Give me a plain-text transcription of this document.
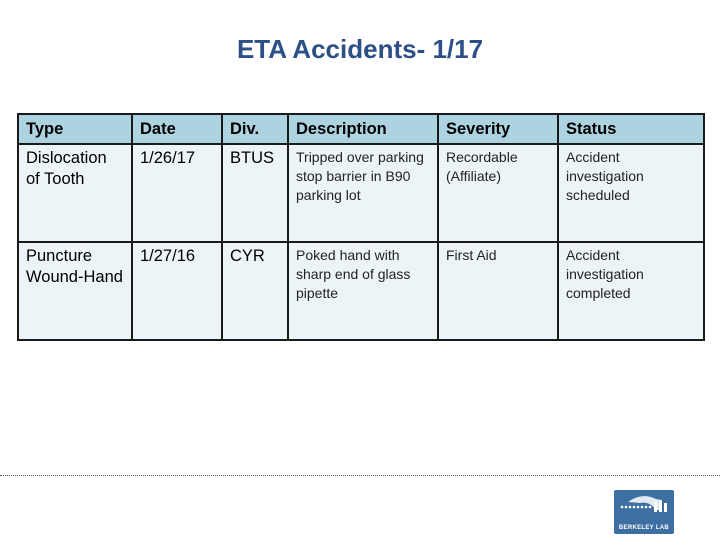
ETA Accidents- 1/17
Type	Date	Div.	Description	Severity	Status
Dislocation of Tooth	1/26/17	BTUS	Tripped over parking stop barrier in B90 parking lot	Recordable (Affiliate)	Accident investigation scheduled
Puncture Wound-Hand	1/27/16	CYR	Poked hand with sharp end of glass pipette	First Aid	Accident investigation completed
BERKELEY LAB
